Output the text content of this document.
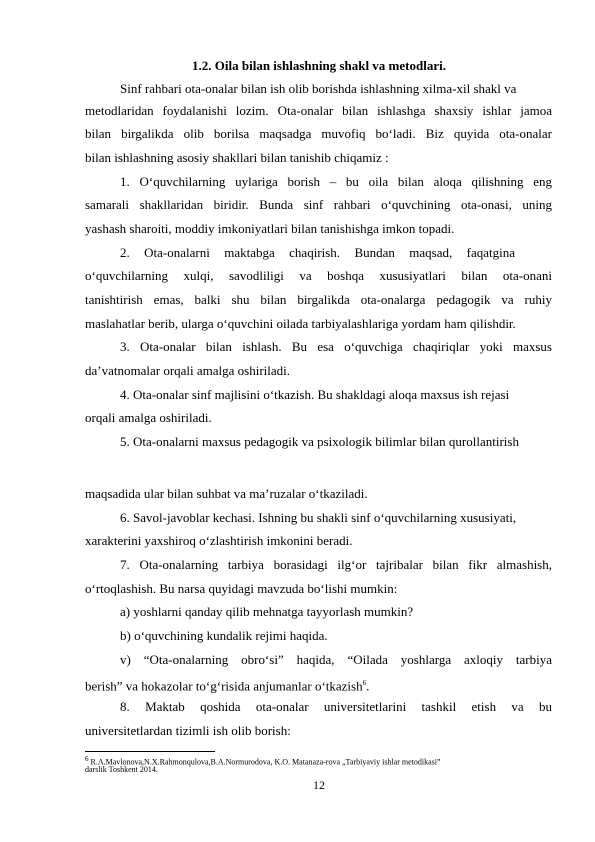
1.2. Oila bilan ishlashning shakl va metodlari.
Sinf rahbari ota-onalar bilan ish olib borishda ishlashning xilma-xil shakl va
metodlaridan foydalanishi lozim. Ota-onalar bilan ishlashga shaxsiy ishlar jamoa
bilan birgalikda olib borilsa maqsadga muvofiq bo‘ladi. Biz quyida ota-onalar
bilan ishlashning asosiy shakllari bilan tanishib chiqamiz :
1. O‘quvchilarning uylariga borish – bu oila bilan aloqa qilishning eng
samarali shakllaridan biridir. Bunda sinf rahbari o‘quvchining ota-onasi, uning
yashash sharoiti, moddiy imkoniyatlari bilan tanishishga imkon topadi.
2. Ota-onalarni maktabga chaqirish. Bundan maqsad, faqatgina
o‘quvchilarning xulqi, savodliligi va boshqa xususiyatlari bilan ota-onani
tanishtirish emas, balki shu bilan birgalikda ota-onalarga pedagogik va ruhiy
maslahatlar berib, ularga o‘quvchini oilada tarbiyalashlariga yordam ham qilishdir.
3. Ota-onalar bilan ishlash. Bu esa o‘quvchiga chaqiriqlar yoki maxsus
da’vatnomalar orqali amalga oshiriladi.
4. Ota-onalar sinf majlisini o‘tkazish. Bu shakldagi aloqa maxsus ish rejasi
orqali amalga oshiriladi.
5. Ota-onalarni maxsus pedagogik va psixologik bilimlar bilan qurollantirish
maqsadida ular bilan suhbat va ma’ruzalar o‘tkaziladi.
6. Savol-javoblar kechasi. Ishning bu shakli sinf o‘quvchilarning xususiyati,
xarakterini yaxshiroq o‘zlashtirish imkonini beradi.
7. Ota-onalarning tarbiya borasidagi ilg‘or tajribalar bilan fikr almashish,
o‘rtoqlashish. Bu narsa quyidagi mavzuda bo‘lishi mumkin:
a) yoshlarni qanday qilib mehnatga tayyorlash mumkin?
b) o‘quvchining kundalik rejimi haqida.
v) “Ota-onalarning obro‘si” haqida, “Oilada yoshlarga axloqiy tarbiya
berish” va hokazolar to‘g‘risida anjumanlar o‘tkazish$^6$.
8. Maktab qoshida ota-onalar universitetlarini tashkil etish va bu
universitetlardan tizimli ish olib borish:
$^6$ R.A.Mavlonova,N.X.Rahmonqulova,B.A.Normurodova, K.O. Matanaza-rova „Tarbiyaviy ishlar metodikasi”
darslik Toshkent 2014.
12
